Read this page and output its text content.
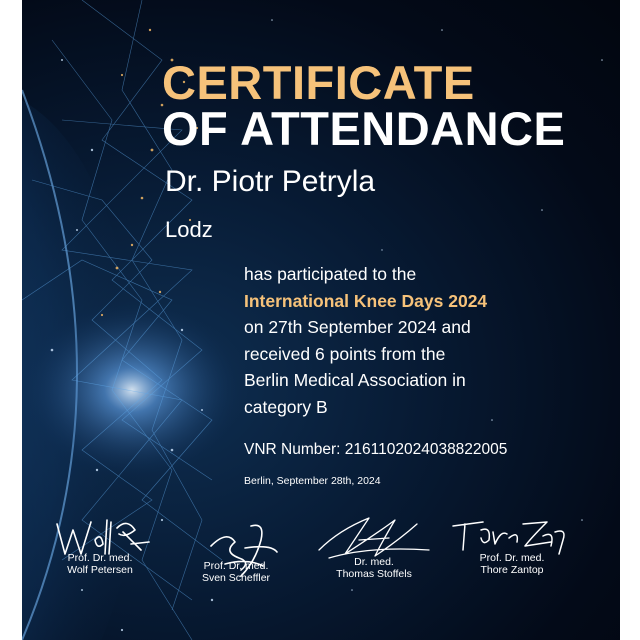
CERTIFICATE
OF ATTENDANCE
Dr. Piotr Petryla
Lodz
has participated to the
International Knee Days 2024
on 27th September 2024 and
received 6 points from the
Berlin Medical Association in
category B
VNR Number: 2161102024038822005
Berlin, September 28th, 2024
Prof. Dr. med.
Wolf Petersen	Prof. Dr. med.
Sven Scheffler
Dr. med.
Thomas Stoffels
Prof. Dr. med.
Thore Zantop
